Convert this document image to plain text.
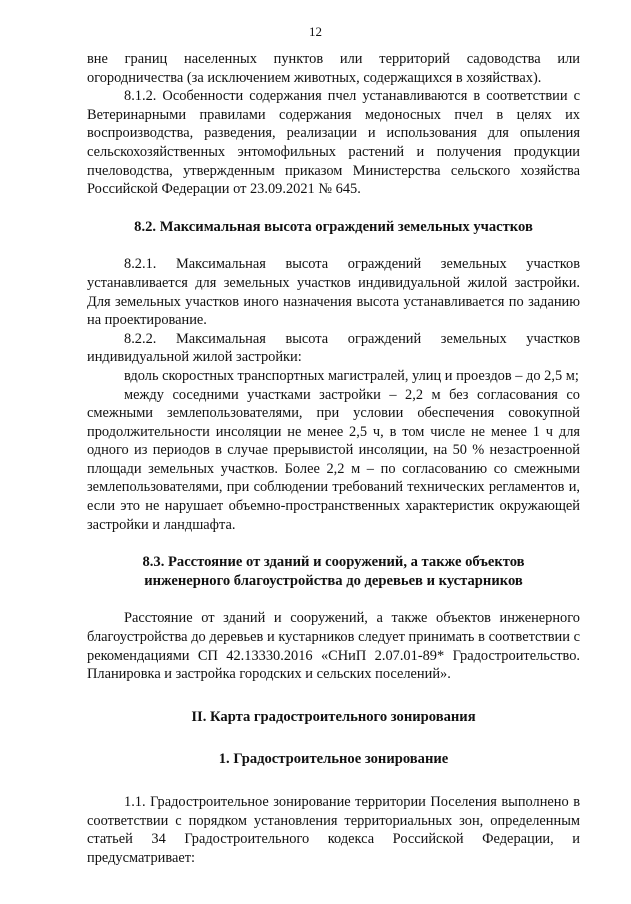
12

вне границ населенных пунктов или территорий садоводства или огородничества (за исключением животных, содержащихся в хозяйствах).

8.1.2. Особенности содержания пчел устанавливаются в соответствии с Ветеринарными правилами содержания медоносных пчел в целях их воспроизводства, разведения, реализации и использования для опыления сельскохозяйственных энтомофильных растений и получения продукции пчеловодства, утвержденным приказом Министерства сельского хозяйства Российской Федерации от 23.09.2021 № 645.

8.2. Максимальная высота ограждений земельных участков

8.2.1. Максимальная высота ограждений земельных участков устанавливается для земельных участков индивидуальной жилой застройки. Для земельных участков иного назначения высота устанавливается по заданию на проектирование.

8.2.2. Максимальная высота ограждений земельных участков индивидуальной жилой застройки:

вдоль скоростных транспортных магистралей, улиц и проездов – до 2,5 м;

между соседними участками застройки – 2,2 м без согласования со смежными землепользователями, при условии обеспечения совокупной продолжительности инсоляции не менее 2,5 ч, в том числе не менее 1 ч для одного из периодов в случае прерывистой инсоляции, на 50 % незастроенной площади земельных участков. Более 2,2 м – по согласованию со смежными землепользователями, при соблюдении требований технических регламентов и, если это не нарушает объемно-пространственных характеристик окружающей застройки и ландшафта.

8.3. Расстояние от зданий и сооружений, а также объектов
инженерного благоустройства до деревьев и кустарников

Расстояние от зданий и сооружений, а также объектов инженерного благоустройства до деревьев и кустарников следует принимать в соответствии с рекомендациями СП 42.13330.2016 «СНиП 2.07.01-89* Градостроительство. Планировка и застройка городских и сельских поселений».

II. Карта градостроительного зонирования
1. Градостроительное зонирование

1.1. Градостроительное зонирование территории Поселения выполнено в соответствии с порядком установления территориальных зон, определенным статьей 34 Градостроительного кодекса Российской Федерации, и предусматривает:
